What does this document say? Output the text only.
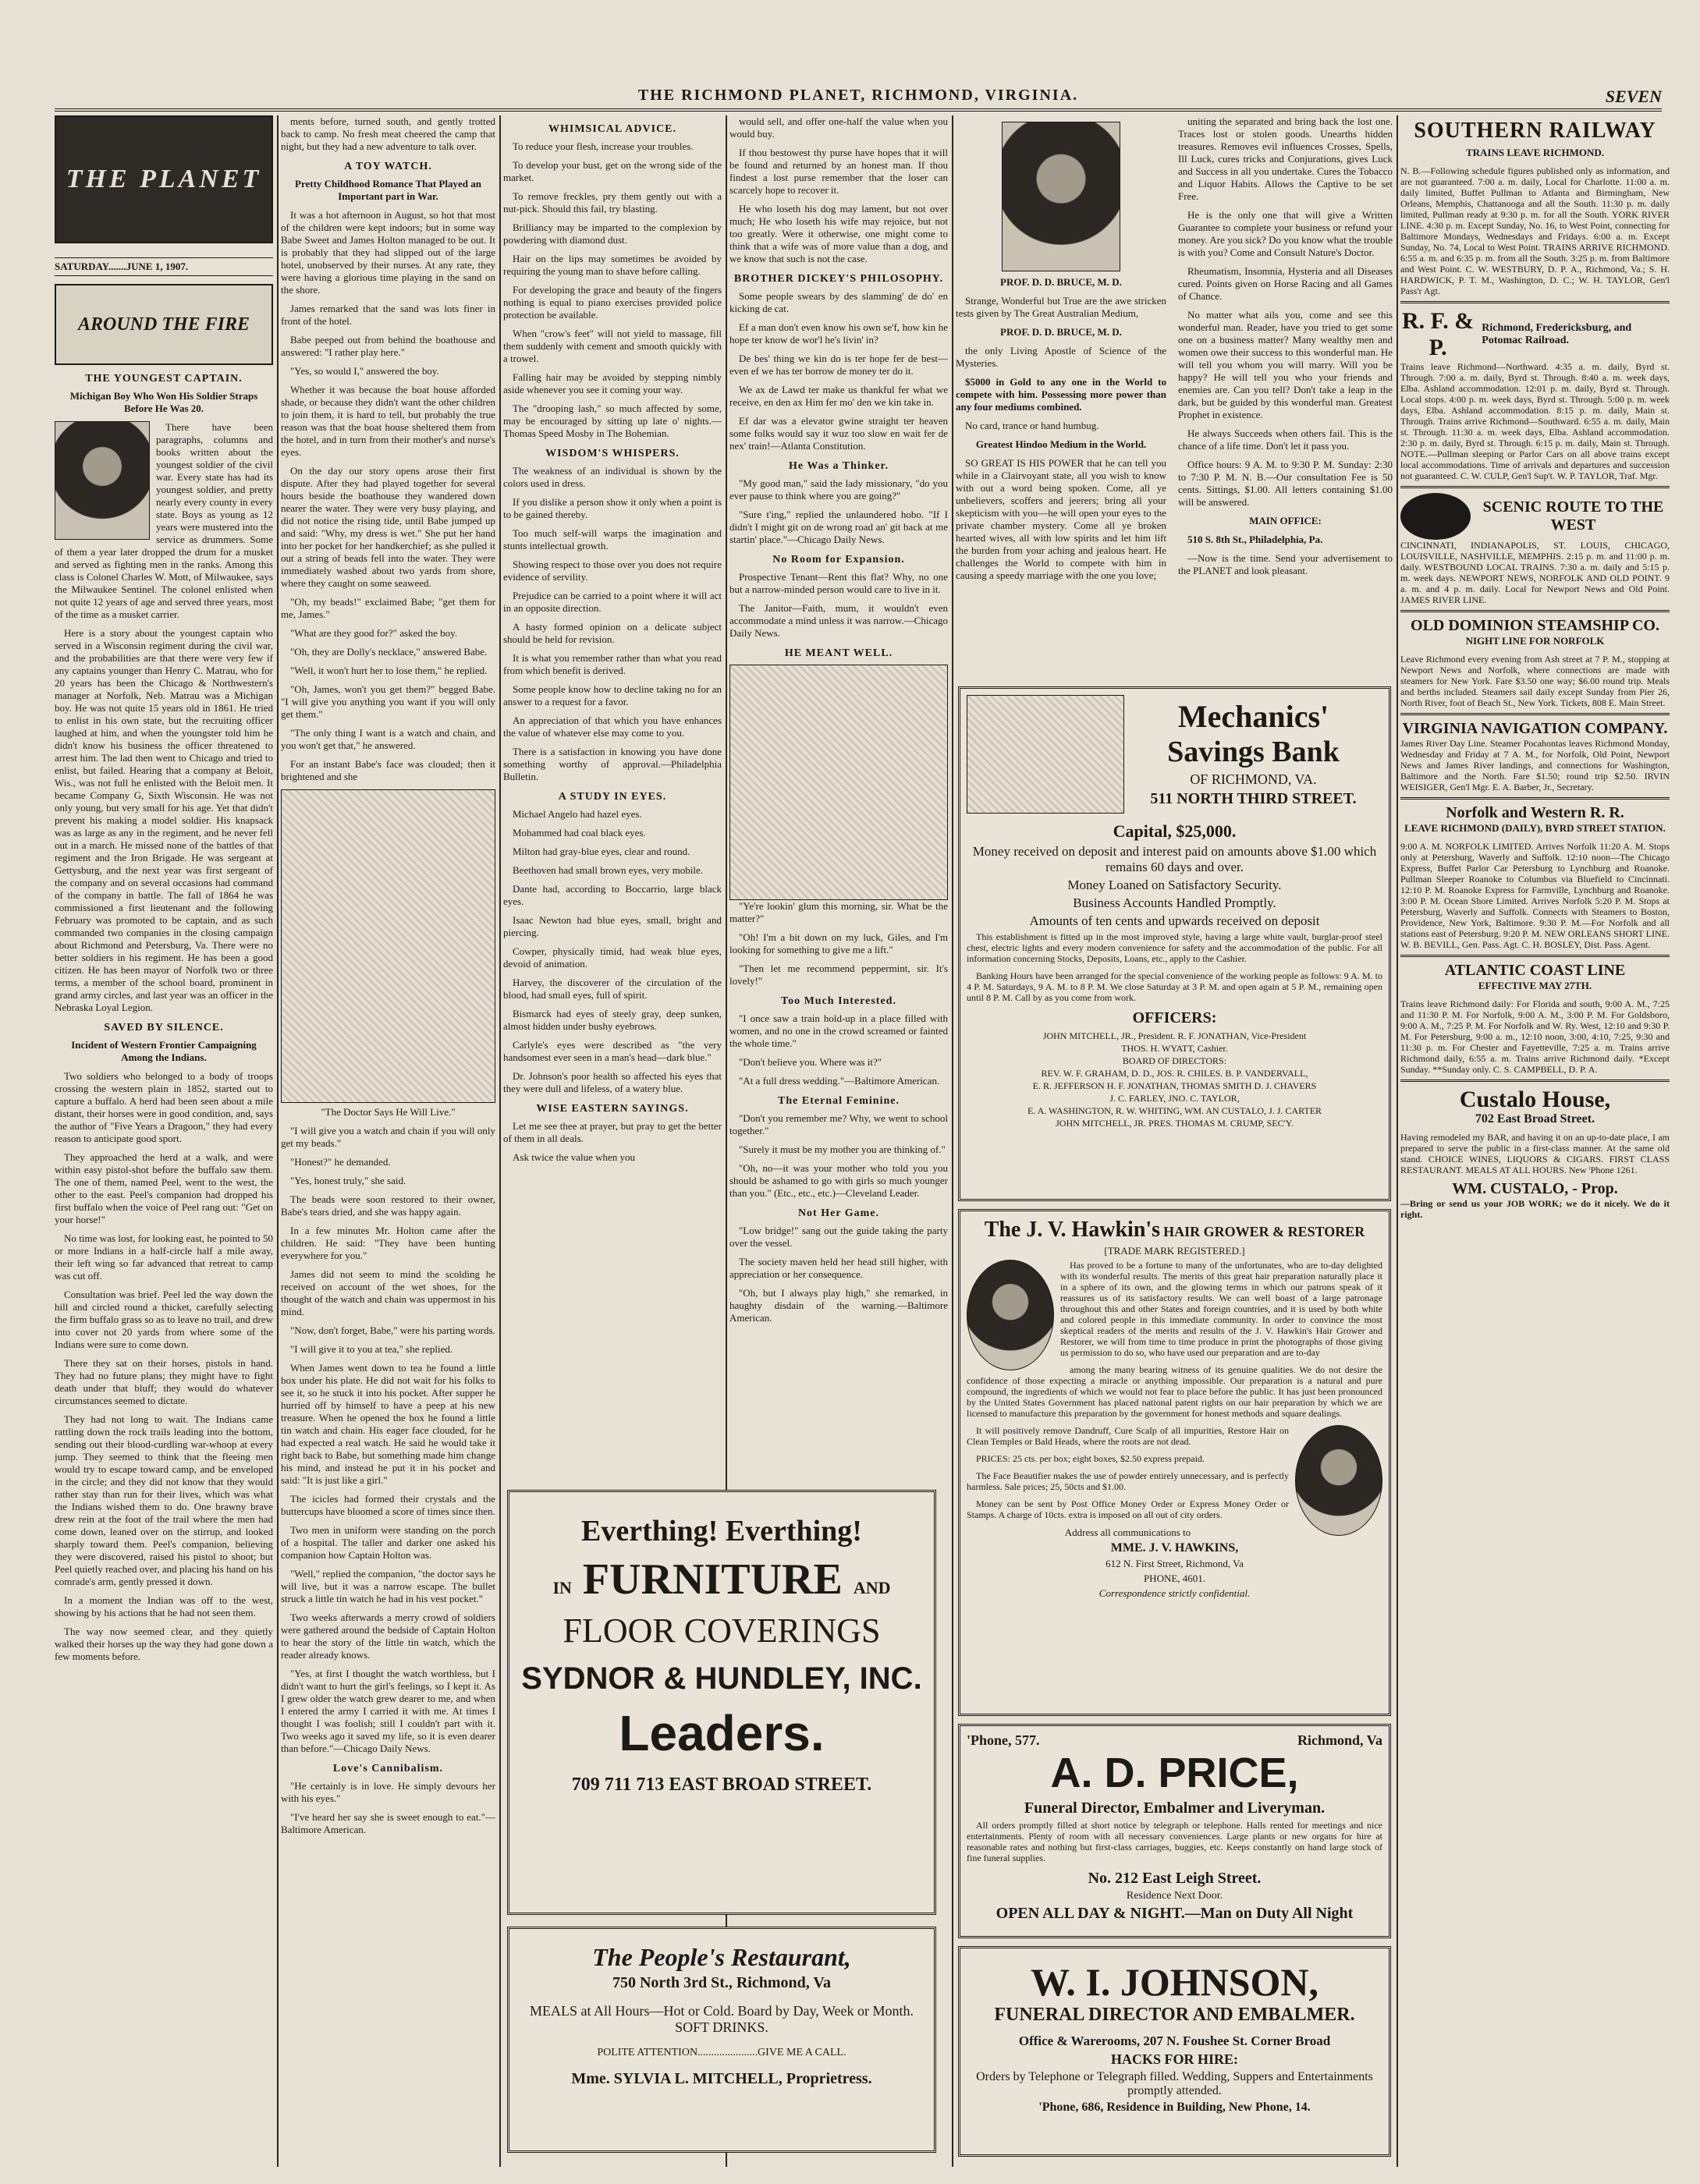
THE RICHMOND PLANET, RICHMOND, VIRGINIA.	SEVEN
THE PLANET
SATURDAY.......JUNE 1, 1907.
AROUND THE FIRE
THE YOUNGEST CAPTAIN.
Michigan Boy Who Won His Soldier Straps Before He Was 20.

There have been paragraphs, columns and books written about the youngest soldier of the civil war. Every state has had its youngest soldier, and pretty nearly every county in every state. Boys as young as 12 years were mustered into the service as drummers. Some of them a year later dropped the drum for a musket and served as fighting men in the ranks. Among this class is Colonel Charles W. Mott, of Milwaukee, says the Milwaukee Sentinel. The colonel enlisted when not quite 12 years of age and served three years, most of the time as a musket carrier.

Here is a story about the youngest captain who served in a Wisconsin regiment during the civil war, and the probabilities are that there were very few if any captains younger than Henry C. Matrau, who for 20 years has been the Chicago & Northwestern's manager at Norfolk, Neb. Matrau was a Michigan boy. He was not quite 15 years old in 1861. He tried to enlist in his own state, but the recruiting officer laughed at him, and when the youngster told him he didn't know his business the officer threatened to arrest him. The lad then went to Chicago and tried to enlist, but failed. Hearing that a company at Beloit, Wis., was not full he enlisted with the Beloit men. It became Company G, Sixth Wisconsin. He was not only young, but very small for his age. Yet that didn't prevent his making a model soldier. His knapsack was as large as any in the regiment, and he never fell out in a march. He missed none of the battles of that regiment and the Iron Brigade. He was sergeant at Gettysburg, and the next year was first sergeant of the company and on several occasions had command of the company in battle. The fall of 1864 he was commissioned a first lieutenant and the following February was promoted to be captain, and as such commanded two companies in the closing campaign about Richmond and Petersburg, Va. There were no better soldiers in his regiment. He has been a good citizen. He has been mayor of Norfolk two or three terms, a member of the school board, prominent in grand army circles, and last year was an officer in the Nebraska Loyal Legion.

SAVED BY SILENCE.
Incident of Western Frontier Campaigning Among the Indians.

Two soldiers who belonged to a body of troops crossing the western plain in 1852, started out to capture a buffalo. A herd had been seen about a mile distant, their horses were in good condition, and, says the author of "Five Years a Dragoon," they had every reason to anticipate good sport.

They approached the herd at a walk, and were within easy pistol-shot before the buffalo saw them. The one of them, named Peel, went to the west, the other to the east. Peel's companion had dropped his first buffalo when the voice of Peel rang out: "Get on your horse!"

No time was lost, for looking east, he pointed to 50 or more Indians in a half-circle half a mile away, their left wing so far advanced that retreat to camp was cut off.

Consultation was brief. Peel led the way down the hill and circled round a thicket, carefully selecting the firm buffalo grass so as to leave no trail, and drew into cover not 20 yards from where some of the Indians were sure to come down.

There they sat on their horses, pistols in hand. They had no future plans; they might have to fight death under that bluff; they would do whatever circumstances seemed to dictate.

They had not long to wait. The Indians came rattling down the rock trails leading into the bottom, sending out their blood-curdling war-whoop at every jump. They seemed to think that the fleeing men would try to escape toward camp, and be enveloped in the circle; and they did not know that they would rather stay than run for their lives, which was what the Indians wished them to do. One brawny brave drew rein at the foot of the trail where the men had come down, leaned over on the stirrup, and looked sharply toward them. Peel's companion, believing they were discovered, raised his pistol to shoot; but Peel quietly reached over, and placing his hand on his comrade's arm, gently pressed it down.

In a moment the Indian was off to the west, showing by his actions that he had not seen them.

The way now seemed clear, and they quietly walked their horses up the way they had gone down a few moments before.

ments before, turned south, and gently trotted back to camp. No fresh meat cheered the camp that night, but they had a new adventure to talk over.

A TOY WATCH.
Pretty Childhood Romance That Played an Important part in War.

It was a hot afternoon in August, so hot that most of the children were kept indoors; but in some way Babe Sweet and James Holton managed to be out. It is probably that they had slipped out of the large hotel, unobserved by their nurses. At any rate, they were having a glorious time playing in the sand on the shore.

James remarked that the sand was lots finer in front of the hotel.

Babe peeped out from behind the boathouse and answered: "I rather play here."

"Yes, so would I," answered the boy.

Whether it was because the boat house afforded shade, or because they didn't want the other children to join them, it is hard to tell, but probably the true reason was that the boat house sheltered them from the hotel, and in turn from their mother's and nurse's eyes.

On the day our story opens arose their first dispute. After they had played together for several hours beside the boathouse they wandered down nearer the water. They were very busy playing, and did not notice the rising tide, until Babe jumped up and said: "Why, my dress is wet." She put her hand into her pocket for her handkerchief; as she pulled it out a string of beads fell into the water. They were immediately washed about two yards from shore, where they caught on some seaweed.

"Oh, my beads!" exclaimed Babe; "get them for me, James."

"What are they good for?" asked the boy.

"Oh, they are Dolly's necklace," answered Babe.

"Well, it won't hurt her to lose them," he replied.

"Oh, James, won't you get them?" begged Babe. "I will give you anything you want if you will only get them."

"The only thing I want is a watch and chain, and you won't get that," he answered.

For an instant Babe's face was clouded; then it brightened and she

"The Doctor Says He Will Live."

"I will give you a watch and chain if you will only get my beads."

"Honest?" he demanded.

"Yes, honest truly," she said.

The beads were soon restored to their owner, Babe's tears dried, and she was happy again.

In a few minutes Mr. Holton came after the children. He said: "They have been hunting everywhere for you."

James did not seem to mind the scolding he received on account of the wet shoes, for the thought of the watch and chain was uppermost in his mind.

"Now, don't forget, Babe," were his parting words.

"I will give it to you at tea," she replied.

When James went down to tea he found a little box under his plate. He did not wait for his folks to see it, so he stuck it into his pocket. After supper he hurried off by himself to have a peep at his new treasure. When he opened the box he found a little tin watch and chain. His eager face clouded, for he had expected a real watch. He said he would take it right back to Babe, but something made him change his mind, and instead he put it in his pocket and said: "It is just like a girl."

The icicles had formed their crystals and the buttercups have bloomed a score of times since then.

Two men in uniform were standing on the porch of a hospital. The taller and darker one asked his companion how Captain Holton was.

"Well," replied the companion, "the doctor says he will live, but it was a narrow escape. The bullet struck a little tin watch he had in his vest pocket."

Two weeks afterwards a merry crowd of soldiers were gathered around the bedside of Captain Holton to hear the story of the little tin watch, which the reader already knows.

"Yes, at first I thought the watch worthless, but I didn't want to hurt the girl's feelings, so I kept it. As I grew older the watch grew dearer to me, and when I entered the army I carried it with me. At times I thought I was foolish; still I couldn't part with it. Two weeks ago it saved my life, so it is even dearer than before."—Chicago Daily News.

Love's Cannibalism.

"He certainly is in love. He simply devours her with his eyes."

"I've heard her say she is sweet enough to eat."—Baltimore American.

WHIMSICAL ADVICE.

To reduce your flesh, increase your troubles.

To develop your bust, get on the wrong side of the market.

To remove freckles, pry them gently out with a nut-pick. Should this fail, try blasting.

Brilliancy may be imparted to the complexion by powdering with diamond dust.

Hair on the lips may sometimes be avoided by requiring the young man to shave before calling.

For developing the grace and beauty of the fingers nothing is equal to piano exercises provided police protection be available.

When "crow's feet" will not yield to massage, fill them suddenly with cement and smooth quickly with a trowel.

Falling hair may be avoided by stepping nimbly aside whenever you see it coming your way.

The "drooping lash," so much affected by some, may be encouraged by sitting up late o' nights.—Thomas Speed Mosby in The Bohemian.

WISDOM'S WHISPERS.

The weakness of an individual is shown by the colors used in dress.

If you dislike a person show it only when a point is to be gained thereby.

Too much self-will warps the imagination and stunts intellectual growth.

Showing respect to those over you does not require evidence of servility.

Prejudice can be carried to a point where it will act in an opposite direction.

A hasty formed opinion on a delicate subject should be held for revision.

It is what you remember rather than what you read from which benefit is derived.

Some people know how to decline taking no for an answer to a request for a favor.

An appreciation of that which you have enhances the value of whatever else may come to you.

There is a satisfaction in knowing you have done something worthy of approval.—Philadelphia Bulletin.

A STUDY IN EYES.

Michael Angelo had hazel eyes.

Mohammed had coal black eyes.

Milton had gray-blue eyes, clear and round.

Beethoven had small brown eyes, very mobile.

Dante had, according to Boccarrio, large black eyes.

Isaac Newton had blue eyes, small, bright and piercing.

Cowper, physically timid, had weak blue eyes, devoid of animation.

Harvey, the discoverer of the circulation of the blood, had small eyes, full of spirit.

Bismarck had eyes of steely gray, deep sunken, almost hidden under bushy eyebrows.

Carlyle's eyes were described as "the very handsomest ever seen in a man's head—dark blue."

Dr. Johnson's poor health so affected his eyes that they were dull and lifeless, of a watery blue.

WISE EASTERN SAYINGS.

Let me see thee at prayer, but pray to get the better of them in all deals.

Ask twice the value when you

would sell, and offer one-half the value when you would buy.

If thou bestowest thy purse have hopes that it will be found and returned by an honest man. If thou findest a lost purse remember that the loser can scarcely hope to recover it.

He who loseth his dog may lament, but not over much; He who loseth his wife may rejoice, but not too greatly. Were it otherwise, one might come to think that a wife was of more value than a dog, and we know that such is not the case.

BROTHER DICKEY'S PHILOSOPHY.

Some people swears by des slamming' de do' en kicking de cat.

Ef a man don't even know his own se'f, how kin he hope ter know de wor'l he's livin' in?

De bes' thing we kin do is ter hope fer de best—even ef we has ter borrow de money ter do it.

We ax de Lawd ter make us thankful fer what we receive, en den ax Him fer mo' den we kin take in.

Ef dar was a elevator gwine straight ter heaven some folks would say it wuz too slow en wait fer de nex' train!—Atlanta Constitution.

He Was a Thinker.

"My good man," said the lady missionary, "do you ever pause to think where you are going?"

"Sure t'ing," replied the unlaundered hobo. "If I didn't I might git on de wrong road an' git back at me startin' place."—Chicago Daily News.

No Room for Expansion.

Prospective Tenant—Rent this flat? Why, no one but a narrow-minded person would care to live in it.

The Janitor—Faith, mum, it wouldn't even accommodate a mind unless it was narrow.—Chicago Daily News.

HE MEANT WELL.

"Ye're lookin' glum this morning, sir. What be the matter?"

"Oh! I'm a bit down on my luck, Giles, and I'm looking for something to give me a lift."

"Then let me recommend peppermint, sir. It's lovely!"

Too Much Interested.

"I once saw a train hold-up in a place filled with women, and no one in the crowd screamed or fainted the whole time."

"Don't believe you. Where was it?"

"At a full dress wedding."—Baltimore American.

The Eternal Feminine.

"Don't you remember me? Why, we went to school together."

"Surely it must be my mother you are thinking of."

"Oh, no—it was your mother who told you you should be ashamed to go with girls so much younger than you." (Etc., etc., etc.)—Cleveland Leader.

Not Her Game.

"Low bridge!" sang out the guide taking the party over the vessel.

The society maven held her head still higher, with appreciation or her consequence.

"Oh, but I always play high," she remarked, in haughty disdain of the warning.—Baltimore American.

Everthing! Everthing!
IN FURNITURE AND
FLOOR COVERINGS
SYDNOR & HUNDLEY, INC.
Leaders.
709 711 713 EAST BROAD STREET.
The People's Restaurant,
750 North 3rd St., Richmond, Va
MEALS at All Hours—Hot or Cold. Board by Day, Week or Month. SOFT DRINKS.
POLITE ATTENTION......................GIVE ME A CALL.
Mme. SYLVIA L. MITCHELL, Proprietress.
PROF. D. D. BRUCE, M. D.

Strange, Wonderful but True are the awe stricken tests given by The Great Australian Medium,

PROF. D. D. BRUCE, M. D.

the only Living Apostle of Science of the Mysteries.

$5000 in Gold to any one in the World to compete with him. Possessing more power than any four mediums combined.

No card, trance or hand humbug.

Greatest Hindoo Medium in the World.

SO GREAT IS HIS POWER that he can tell you while in a Clairvoyant state, all you wish to know with out a word being spoken. Come, all ye unbelievers, scoffers and jeerers; bring all your skepticism with you—he will open your eyes to the private chamber mystery. Come all ye broken hearted wives, all with low spirits and let him lift the burden from your aching and jealous heart. He challenges the World to compete with him in causing a speedy marriage with the one you love;

uniting the separated and bring back the lost one. Traces lost or stolen goods. Unearths hidden treasures. Removes evil influences Crosses, Spells, Ill Luck, cures tricks and Conjurations, gives Luck and Success in all you undertake. Cures the Tobacco and Liquor Habits. Allows the Captive to be set Free.

He is the only one that will give a Written Guarantee to complete your business or refund your money. Are you sick? Do you know what the trouble is with you? Come and Consult Nature's Doctor.

Rheumatism, Insomnia, Hysteria and all Diseases cured. Points given on Horse Racing and all Games of Chance.

No matter what ails you, come and see this wonderful man. Reader, have you tried to get some one on a business matter? Many wealthy men and women owe their success to this wonderful man. He will tell you whom you will marry. Will you be happy? He will tell you who your friends and enemies are. Can you tell? Don't take a leap in the dark, but be guided by this wonderful man. Greatest Prophet in existence.

He always Succeeds when others fail. This is the chance of a life time. Don't let it pass you.

Office hours: 9 A. M. to 9:30 P. M. Sunday: 2:30 to 7:30 P. M. N. B.—Our consultation Fee is 50 cents. Sittings, $1.00. All letters containing $1.00 will be answered.

MAIN OFFICE:

510 S. 8th St., Philadelphia, Pa.

—Now is the time. Send your advertisement to the PLANET and look pleasant.

Mechanics'
Savings Bank
OF RICHMOND, VA.
511 NORTH THIRD STREET.
Capital, $25,000.
Money received on deposit and interest paid on amounts above $1.00 which remains 60 days and over.
Money Loaned on Satisfactory Security.
Business Accounts Handled Promptly.
Amounts of ten cents and upwards received on deposit

This establishment is fitted up in the most improved style, having a large white vault, burglar-proof steel chest, electric lights and every modern convenience for safety and the accommodation of the public. For all information concerning Stocks, Deposits, Loans, etc., apply to the Cashier.

Banking Hours have been arranged for the special convenience of the working people as follows: 9 A. M. to 4 P. M. Saturdays, 9 A. M. to 8 P. M. We close Saturday at 3 P. M. and open again at 5 P. M., remaining open until 8 P. M. Call by as you come from work.

OFFICERS:
JOHN MITCHELL, JR., President. R. F. JONATHAN, Vice-President
THOS. H. WYATT, Cashier.
BOARD OF DIRECTORS:
REV. W. F. GRAHAM, D. D., JOS. R. CHILES. B. P. VANDERVALL,
E. R. JEFFERSON H. F. JONATHAN, THOMAS SMITH D. J. CHAVERS
J. C. FARLEY, JNO. C. TAYLOR,
E. A. WASHINGTON, R. W. WHITING, WM. AN CUSTALO, J. J. CARTER
JOHN MITCHELL, JR. PRES. THOMAS M. CRUMP, SEC'Y.
The J. V. Hawkin's HAIR GROWER & RESTORER
[TRADE MARK REGISTERED.]

Has proved to be a fortune to many of the unfortunates, who are to-day delighted with its wonderful results. The merits of this great hair preparation naturally place it in a sphere of its own, and the glowing terms in which our patrons speak of it reassures us of its satisfactory results. We can well boast of a large patronage throughout this and other States and foreign countries, and it is used by both white and colored people in this immediate community. In order to convince the most skeptical readers of the merits and results of the J. V. Hawkin's Hair Grower and Restorer, we will from time to time produce in print the photographs of those giving us permission to do so, who have used our preparation and are to-day

among the many bearing witness of its genuine qualities. We do not desire the confidence of those expecting a miracle or anything impossible. Our preparation is a natural and pure compound, the ingredients of which we would not fear to place before the public. It has just been pronounced by the United States Government has placed national patent rights on our hair preparation by which we are licensed to manufacture this preparation by the government for honest methods and square dealings.

It will positively remove Dandruff, Cure Scalp of all impurities, Restore Hair on Clean Temples or Bald Heads, where the roots are not dead.

PRICES: 25 cts. per box; eight boxes, $2.50 express prepaid.

The Face Beautifier makes the use of powder entirely unnecessary, and is perfectly harmless. Sale prices; 25, 50cts and $1.00.

Money can be sent by Post Office Money Order or Express Money Order or Stamps. A charge of 10cts. extra is imposed on all out of city orders.

Address all communications to
MME. J. V. HAWKINS,
612 N. First Street, Richmond, Va
PHONE, 4601.
Correspondence strictly confidential.
'Phone, 577.	Richmond, Va
A. D. PRICE,
Funeral Director, Embalmer and Liveryman.

All orders promptly filled at short notice by telegraph or telephone. Halls rented for meetings and nice entertainments. Plenty of room with all necessary conveniences. Large plants or new organs for hire at reasonable rates and nothing but first-class carriages, buggies, etc. Keeps constantly on hand large stock of fine funeral supplies.

No. 212 East Leigh Street.
Residence Next Door.
OPEN ALL DAY & NIGHT.—Man on Duty All Night
W. I. JOHNSON,
FUNERAL DIRECTOR AND EMBALMER.
Office & Warerooms, 207 N. Foushee St. Corner Broad
HACKS FOR HIRE:
Orders by Telephone or Telegraph filled. Wedding, Suppers and Entertainments promptly attended.
'Phone, 686, Residence in Building, New Phone, 14.
SOUTHERN RAILWAY
TRAINS LEAVE RICHMOND.

N. B.—Following schedule figures published only as information, and are not guaranteed. 7:00 a. m. daily, Local for Charlotte. 11:00 a. m. daily limited, Buffet Pullman to Atlanta and Birmingham, New Orleans, Memphis, Chattanooga and all the South. 11:30 p. m. daily limited, Pullman ready at 9:30 p. m. for all the South. YORK RIVER LINE. 4:30 p. m. Except Sunday, No. 16, to West Point, connecting for Baltimore Mondays, Wednesdays and Fridays. 6:00 a. m. Except Sunday, No. 74, Local to West Point. TRAINS ARRIVE RICHMOND. 6:55 a. m. and 6:35 p. m. from all the South. 3:25 p. m. from Baltimore and West Point. C. W. WESTBURY, D. P. A., Richmond, Va.; S. H. HARDWICK, P. T. M., Washington, D. C.; W. H. TAYLOR, Gen'l Pass'r Agt.

R. F. & P.
Richmond, Fredericksburg, and Potomac Railroad.

Trains leave Richmond—Northward. 4:35 a. m. daily, Byrd st. Through. 7:00 a. m. daily, Byrd st. Through. 8:40 a. m. week days, Elba. Ashland accommodation. 12:01 p. m. daily, Byrd st. Through. Local stops. 4:00 p. m. week days, Byrd st. Through. 5:00 p. m. week days, Elba. Ashland accommodation. 8:15 p. m. daily, Main st. Through. Trains arrive Richmond—Southward. 6:55 a. m. daily, Main st. Through. 11:30 a. m. week days, Elba. Ashland accommodation. 2:30 p. m. daily, Byrd st. Through. 6:15 p. m. daily, Main st. Through. NOTE.—Pullman sleeping or Parlor Cars on all above trains except local accommodations. Time of arrivals and departures and succession not guaranteed. C. W. CULP, Gen'l Sup't. W. P. TAYLOR, Traf. Mgr.

SCENIC ROUTE TO THE WEST

CINCINNATI, INDIANAPOLIS, ST. LOUIS, CHICAGO, LOUISVILLE, NASHVILLE, MEMPHIS. 2:15 p. m. and 11:00 p. m. daily. WESTBOUND LOCAL TRAINS. 7:30 a. m. daily and 5:15 p. m. week days. NEWPORT NEWS, NORFOLK AND OLD POINT. 9 a. m. and 4 p. m. daily. Local for Newport News and Old Point. JAMES RIVER LINE.

OLD DOMINION STEAMSHIP CO.
NIGHT LINE FOR NORFOLK

Leave Richmond every evening from Ash street at 7 P. M., stopping at Newport News and Norfolk, where connections are made with steamers for New York. Fare $3.50 one way; $6.00 round trip. Meals and berths included. Steamers sail daily except Sunday from Pier 26, North River, foot of Beach St., New York. Tickets, 808 E. Main Street.

VIRGINIA NAVIGATION COMPANY.

James River Day Line. Steamer Pocahontas leaves Richmond Monday, Wednesday and Friday at 7 A. M., for Norfolk, Old Point, Newport News and James River landings, and connections for Washington, Baltimore and the North. Fare $1.50; round trip $2.50. IRVIN WEISIGER, Gen'l Mgr. E. A. Barber, Jr., Secretary.

Norfolk and Western R. R.
LEAVE RICHMOND (DAILY), BYRD STREET STATION.

9:00 A. M. NORFOLK LIMITED. Arrives Norfolk 11:20 A. M. Stops only at Petersburg, Waverly and Suffolk. 12:10 noon—The Chicago Express, Buffet Parlor Car Petersburg to Lynchburg and Roanoke. Pullman Sleeper Roanoke to Columbus via Bluefield to Cincinnati. 12:10 P. M. Roanoke Express for Farmville, Lynchburg and Roanoke. 3:00 P. M. Ocean Shore Limited. Arrives Norfolk 5:20 P. M. Stops at Petersburg, Waverly and Suffolk. Connects with Steamers to Boston, Providence, New York, Baltimore. 9:30 P. M.—For Norfolk and all stations east of Petersburg. 9:20 P. M. NEW ORLEANS SHORT LINE. W. B. BEVILL, Gen. Pass. Agt. C. H. BOSLEY, Dist. Pass. Agent.

ATLANTIC COAST LINE
EFFECTIVE MAY 27TH.

Trains leave Richmond daily: For Florida and south, 9:00 A. M., 7:25 and 11:30 P. M. For Norfolk, 9:00 A. M., 3:00 P. M. For Goldsboro, 9:00 A. M., 7:25 P. M. For Norfolk and W. Ry. West, 12:10 and 9:30 P. M. For Petersburg, 9:00 a. m., 12:10 noon, 3:00, 4:10, 7:25, 9:30 and 11:30 p. m. For Chester and Fayetteville, 7:25 a. m. Trains arrive Richmond daily, 6:55 a. m. Trains arrive Richmond daily. *Except Sunday. **Sunday only. C. S. CAMPBELL, D. P. A.

Custalo House,
702 East Broad Street.

Having remodeled my BAR, and having it on an up-to-date place, I am prepared to serve the public in a first-class manner. At the same old stand. CHOICE WINES, LIQUORS & CIGARS. FIRST CLASS RESTAURANT. MEALS AT ALL HOURS. New 'Phone 1261.

WM. CUSTALO, - Prop.

—Bring or send us your JOB WORK; we do it nicely. We do it right.
